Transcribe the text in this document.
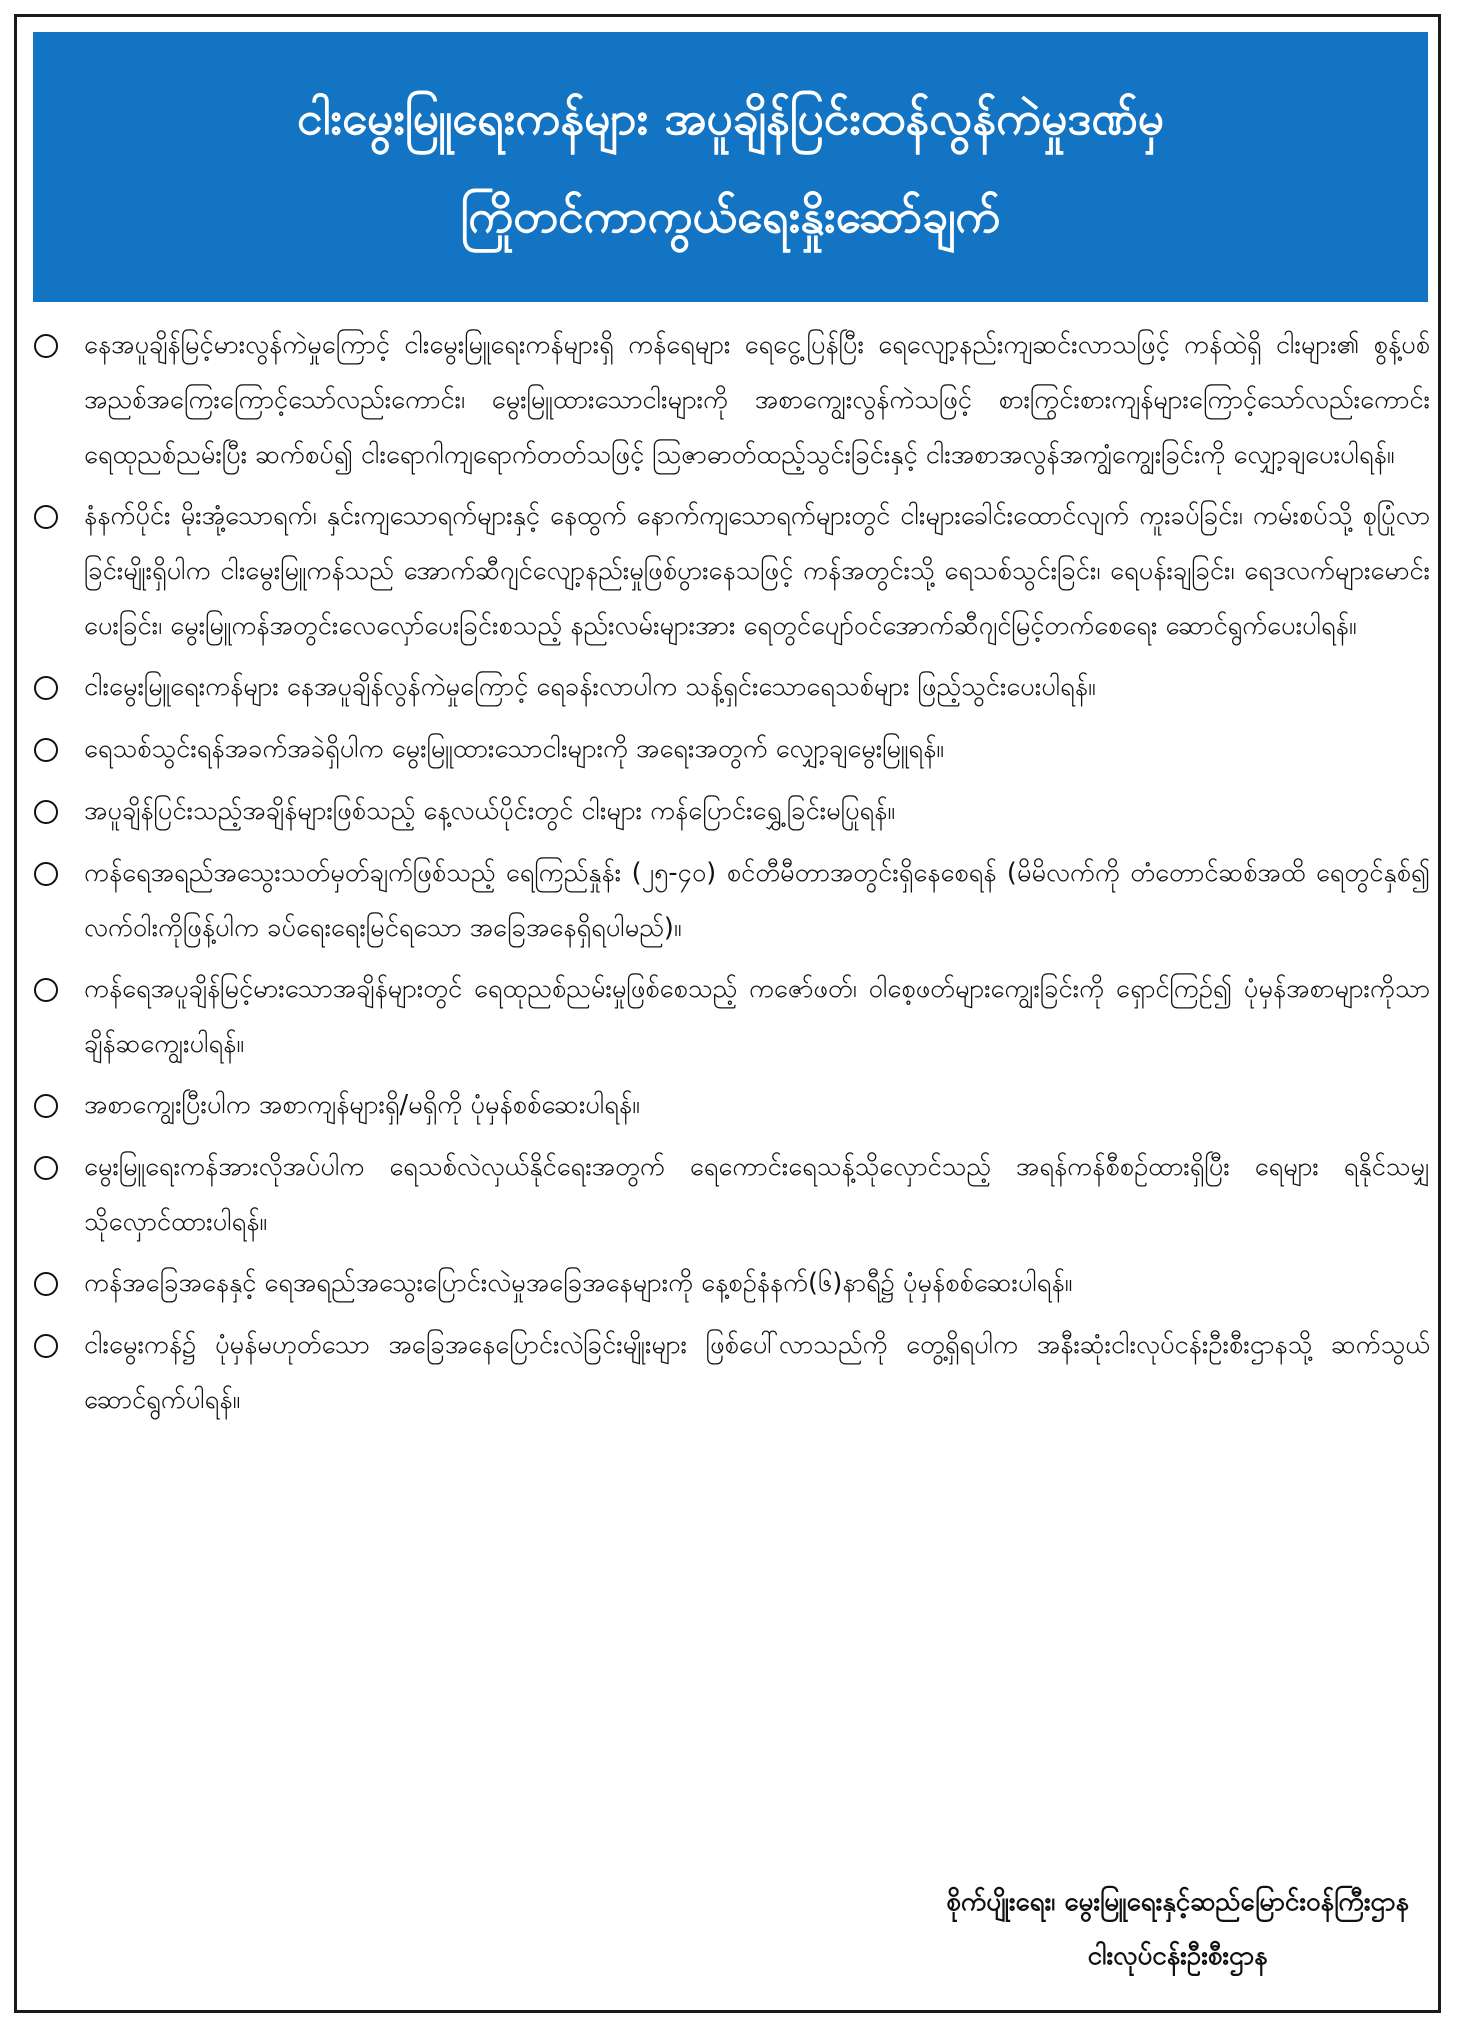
ငါးမွေးမြူရေးကန်များ အပူချိန်ပြင်းထန်လွန်ကဲမှုဒဏ်မှ
ကြိုတင်ကာကွယ်ရေးနှိုးဆော်ချက်
နေအပူချိန်မြင့်မားလွန်ကဲမှုကြောင့် ငါးမွေးမြူရေးကန်များရှိ ကန်ရေများ ရေငွေ့ပြန်ပြီး ရေလျော့နည်းကျဆင်းလာသဖြင့် ကန်ထဲရှိ ငါးများ၏ စွန့်ပစ်အညစ်အကြေးကြောင့်သော်လည်းကောင်း၊ မွေးမြူထားသောငါးများကို အစာကျွေးလွန်ကဲသဖြင့် စားကြွင်းစားကျန်များကြောင့်သော်လည်းကောင်း ရေထုညစ်ညမ်းပြီး ဆက်စပ်၍ ငါးရောဂါကျရောက်တတ်သဖြင့် ဩဇာဓာတ်ထည့်သွင်းခြင်းနှင့် ငါးအစာအလွန်အကျွံကျွေးခြင်းကို လျှော့ချပေးပါရန်။
နံနက်ပိုင်း မိုးအုံ့သောရက်၊ နှင်းကျသောရက်များနှင့် နေထွက် နောက်ကျသောရက်များတွင် ငါးများခေါင်းထောင်လျက် ကူးခပ်ခြင်း၊ ကမ်းစပ်သို့ စုပြုံလာခြင်းမျိုးရှိပါက ငါးမွေးမြူကန်သည် အောက်ဆီဂျင်လျော့နည်းမှုဖြစ်ပွားနေသဖြင့် ကန်အတွင်းသို့ ရေသစ်သွင်းခြင်း၊ ရေပန်းချခြင်း၊ ရေဒလက်များမောင်းပေးခြင်း၊ မွေးမြူကန်အတွင်းလေလှော်ပေးခြင်းစသည့် နည်းလမ်းများအား ရေတွင်ပျော်ဝင်အောက်ဆီဂျင်မြင့်တက်စေရေး ဆောင်ရွက်ပေးပါရန်။
ငါးမွေးမြူရေးကန်များ နေအပူချိန်လွန်ကဲမှုကြောင့် ရေခန်းလာပါက သန့်ရှင်းသောရေသစ်များ ဖြည့်သွင်းပေးပါရန်။
ရေသစ်သွင်းရန်အခက်အခဲရှိပါက မွေးမြူထားသောငါးများကို အရေးအတွက် လျှော့ချမွေးမြူရန်။
အပူချိန်ပြင်းသည့်အချိန်များဖြစ်သည့် နေ့လယ်ပိုင်းတွင် ငါးများ ကန်ပြောင်းရွှေ့ခြင်းမပြုရန်။
ကန်ရေအရည်အသွေးသတ်မှတ်ချက်ဖြစ်သည့် ရေကြည်နှုန်း (၂၅-၄၀) စင်တီမီတာအတွင်းရှိနေစေရန် (မိမိလက်ကို တံတောင်ဆစ်အထိ ရေတွင်နှစ်၍ လက်ဝါးကိုဖြန့်ပါက ခပ်ရေးရေးမြင်ရသော အခြေအနေရှိရပါမည်)။
ကန်ရေအပူချိန်မြင့်မားသောအချိန်များတွင် ရေထုညစ်ညမ်းမှုဖြစ်စေသည့် ကဇော်ဖတ်၊ ဝါစေ့ဖတ်များကျွေးခြင်းကို ရှောင်ကြဉ်၍ ပုံမှန်အစာများကိုသာ ချိန်ဆကျွေးပါရန်။
အစာကျွေးပြီးပါက အစာကျန်များရှိ/မရှိကို ပုံမှန်စစ်ဆေးပါရန်။
မွေးမြူရေးကန်အားလိုအပ်ပါက ရေသစ်လဲလှယ်နိုင်ရေးအတွက် ရေကောင်းရေသန့်သိုလှောင်သည့် အရန်ကန်စီစဉ်ထားရှိပြီး ရေများ ရနိုင်သမျှ သိုလှောင်ထားပါရန်။
ကန်အခြေအနေနှင့် ရေအရည်အသွေးပြောင်းလဲမှုအခြေအနေများကို နေ့စဉ်နံနက်(၆)နာရီ၌ ပုံမှန်စစ်ဆေးပါရန်။
ငါးမွေးကန်၌ ပုံမှန်မဟုတ်သော အခြေအနေပြောင်းလဲခြင်းမျိုးများ ဖြစ်ပေါ်လာသည်ကို တွေ့ရှိရပါက အနီးဆုံးငါးလုပ်ငန်းဦးစီးဌာနသို့ ဆက်သွယ်ဆောင်ရွက်ပါရန်။
စိုက်ပျိုးရေး၊ မွေးမြူရေးနှင့်ဆည်မြောင်းဝန်ကြီးဌာန
ငါးလုပ်ငန်းဦးစီးဌာန
